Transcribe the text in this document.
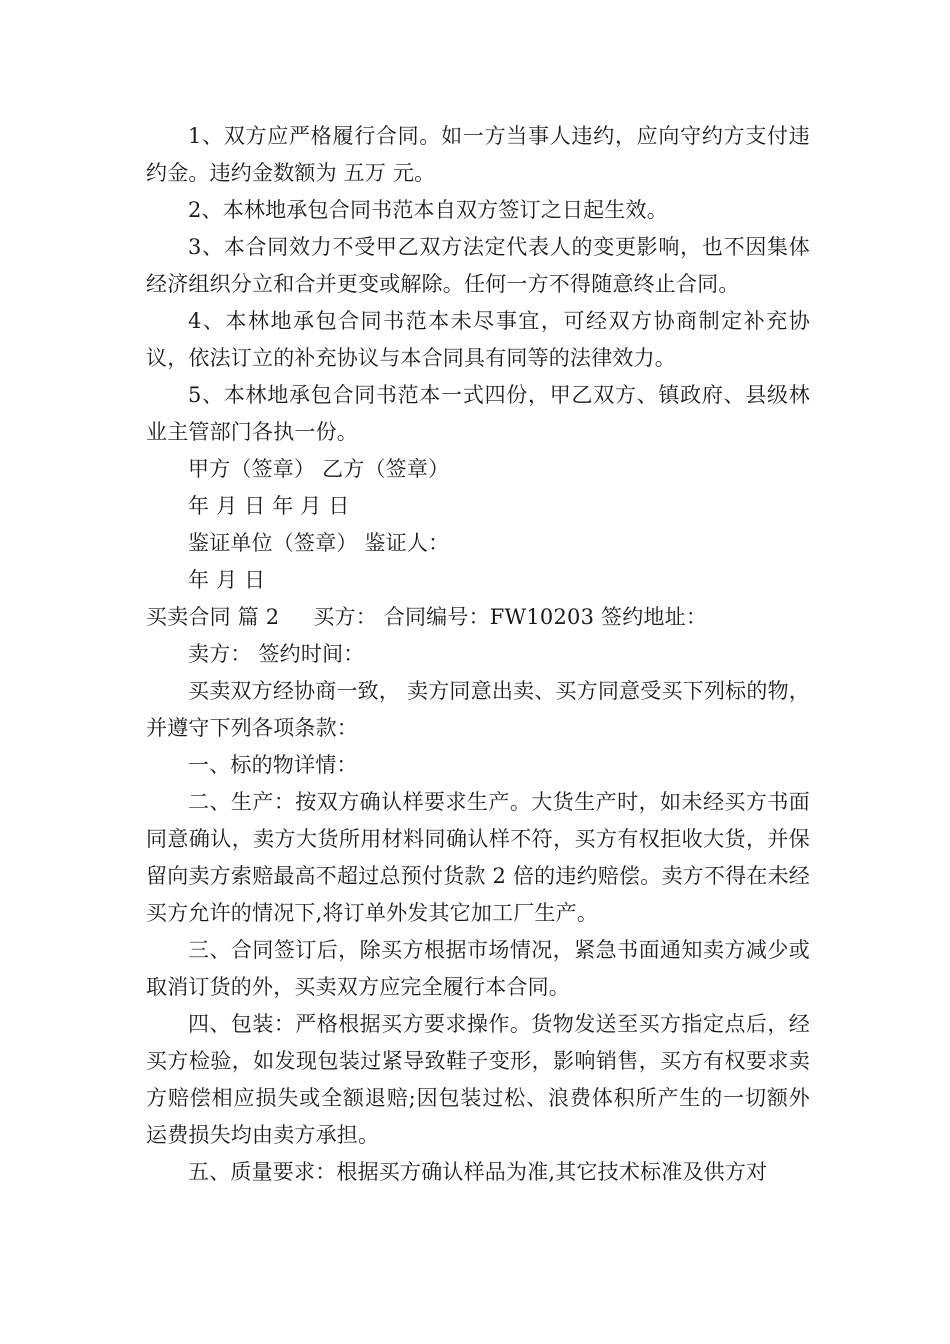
1、双方应严格履行合同。如一方当事人违约，应向守约方支付违约金。违约金数额为 五万 元。

2、本林地承包合同书范本自双方签订之日起生效。

3、本合同效力不受甲乙双方法定代表人的变更影响，也不因集体经济组织分立和合并更变或解除。任何一方不得随意终止合同。

4、本林地承包合同书范本未尽事宜，可经双方协商制定补充协议，依法订立的补充协议与本合同具有同等的法律效力。

5、本林地承包合同书范本一式四份，甲乙双方、镇政府、县级林业主管部门各执一份。

甲方（签章） 乙方（签章）

年 月 日 年 月 日

鉴证单位（签章） 鉴证人：

年 月 日

买卖合同 篇 2 买方： 合同编号：FW10203 签约地址：

卖方： 签约时间：

买卖双方经协商一致， 卖方同意出卖、买方同意受买下列标的物，并遵守下列各项条款：

一、标的物详情：

二、生产：按双方确认样要求生产。大货生产时，如未经买方书面同意确认，卖方大货所用材料同确认样不符，买方有权拒收大货，并保留向卖方索赔最高不超过总预付货款 2 倍的违约赔偿。卖方不得在未经买方允许的情况下,将订单外发其它加工厂生产。

三、合同签订后，除买方根据市场情况，紧急书面通知卖方减少或取消订货的外，买卖双方应完全履行本合同。

四、包装：严格根据买方要求操作。货物发送至买方指定点后，经买方检验，如发现包装过紧导致鞋子变形，影响销售，买方有权要求卖方赔偿相应损失或全额退赔;因包装过松、浪费体积所产生的一切额外运费损失均由卖方承担。

五、质量要求：根据买方确认样品为准,其它技术标准及供方对
